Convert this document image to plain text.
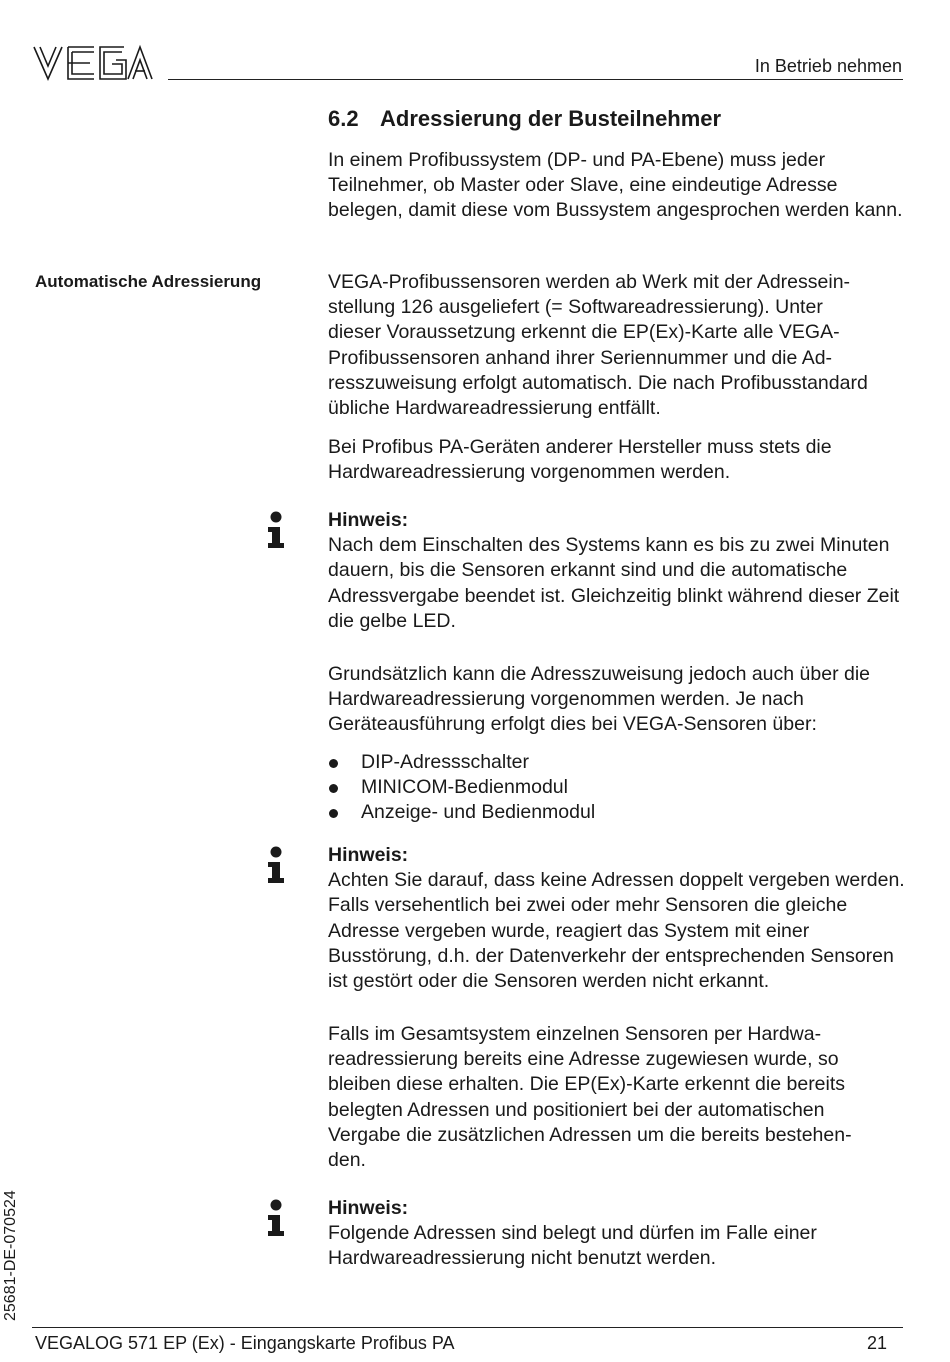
In Betrieb nehmen
6.2 Adressierung der Busteilnehmer

In einem Profibussystem (DP- und PA-Ebene) muss jeder Teilnehmer, ob Master oder Slave, eine eindeutige Adresse belegen, damit diese vom Bussystem angesprochen werden kann.

Automatische Adressierung	VEGA-Profibussensoren werden ab Werk mit der Adressein-

stellung 126 ausgeliefert (= Softwareadressierung). Unter

dieser Voraussetzung erkennt die EP(Ex)-Karte alle VEGA-

Profibussensoren anhand ihrer Seriennummer und die Ad-

resszuweisung erfolgt automatisch. Die nach Profibusstandard

übliche Hardwareadressierung entfällt.

Bei Profibus PA-Geräten anderer Hersteller muss stets die Hardwareadressierung vorgenommen werden.

Hinweis:

Nach dem Einschalten des Systems kann es bis zu zwei Minuten dauern, bis die Sensoren erkannt sind und die automatische Adressvergabe beendet ist. Gleichzeitig blinkt während dieser Zeit die gelbe LED.

Grundsätzlich kann die Adresszuweisung jedoch auch über die Hardwareadressierung vorgenommen werden. Je nach Geräteausführung erfolgt dies bei VEGA-Sensoren über:

DIP-Adressschalter
MINICOM-Bedienmodul
Anzeige- und Bedienmodul

Hinweis:

Achten Sie darauf, dass keine Adressen doppelt vergeben werden. Falls versehentlich bei zwei oder mehr Sensoren die gleiche Adresse vergeben wurde, reagiert das System mit einer Busstörung, d.h. der Datenverkehr der entsprechenden Sensoren ist gestört oder die Sensoren werden nicht erkannt.

Falls im Gesamtsystem einzelnen Sensoren per Hardwa-

readressierung bereits eine Adresse zugewiesen wurde, so

bleiben diese erhalten. Die EP(Ex)-Karte erkennt die bereits

belegten Adressen und positioniert bei der automatischen

Vergabe die zusätzlichen Adressen um die bereits bestehen-

den.

Hinweis:

Folgende Adressen sind belegt und dürfen im Falle einer Hardwareadressierung nicht benutzt werden.

25681-DE-070524
VEGALOG 571 EP (Ex) - Eingangskarte Profibus PA	21
